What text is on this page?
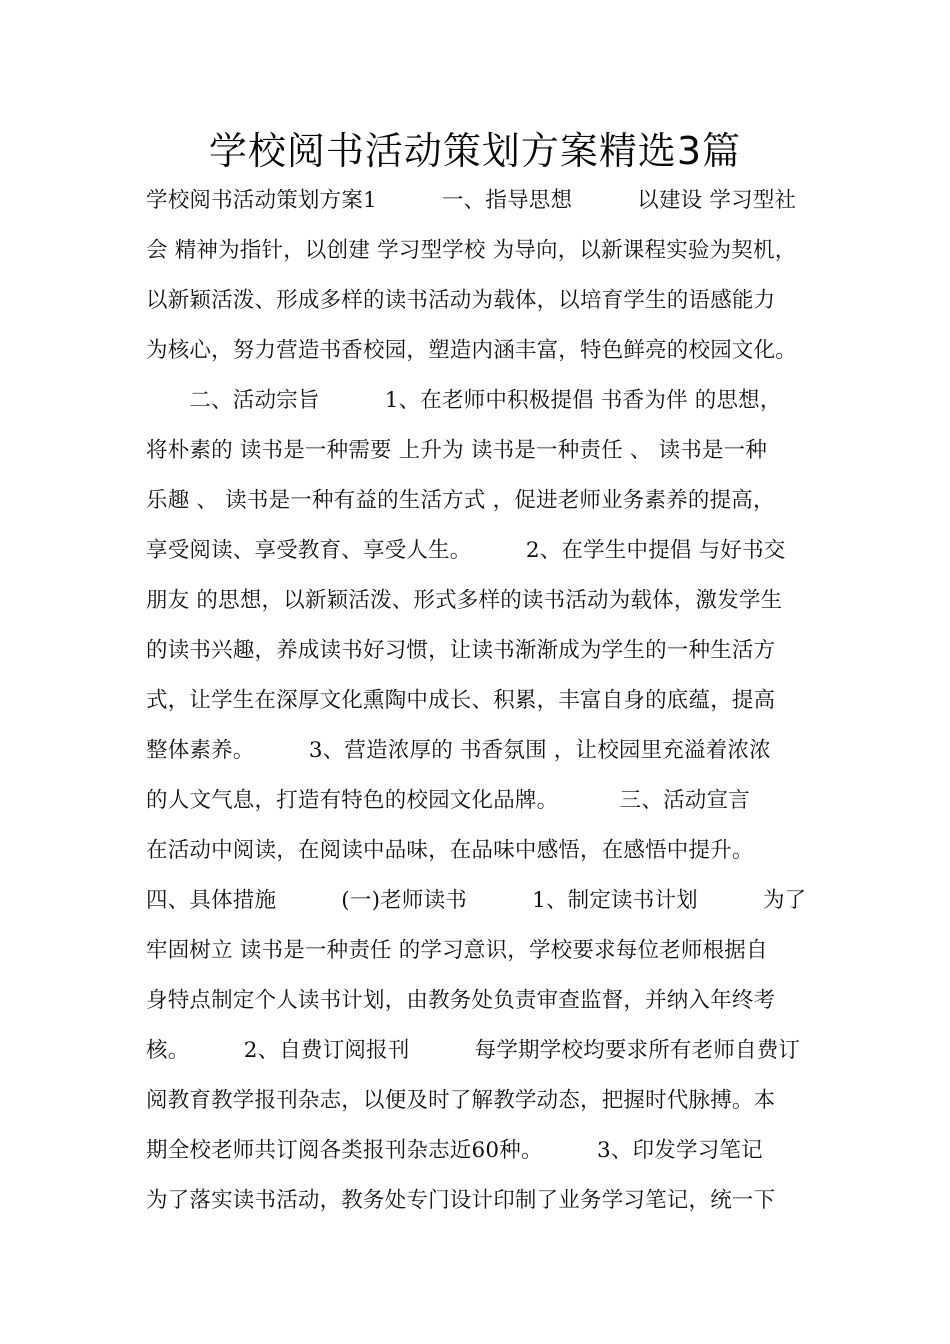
学校阅书活动策划方案精选3篇
学校阅书活动策划方案1　　　一、指导思想　　　以建设 学习型社
会 精神为指针，以创建 学习型学校 为导向，以新课程实验为契机，
以新颖活泼、形成多样的读书活动为载体，以培育学生的语感能力
为核心，努力营造书香校园，塑造内涵丰富，特色鲜亮的校园文化。
　　二、活动宗旨　　　1、在老师中积极提倡 书香为伴 的思想，
将朴素的 读书是一种需要 上升为 读书是一种责任 、 读书是一种
乐趣 、 读书是一种有益的生活方式 ，促进老师业务素养的提高，
享受阅读、享受教育、享受人生。　　　2、在学生中提倡 与好书交
朋友 的思想，以新颖活泼、形式多样的读书活动为载体，激发学生
的读书兴趣，养成读书好习惯，让读书渐渐成为学生的一种生活方
式，让学生在深厚文化熏陶中成长、积累，丰富自身的底蕴，提高
整体素养。　　　3、营造浓厚的 书香氛围 ，让校园里充溢着浓浓
的人文气息，打造有特色的校园文化品牌。　　　 三、活动宣言
在活动中阅读，在阅读中品味，在品味中感悟，在感悟中提升。
四、具体措施　　　(一)老师读书　　　1、制定读书计划　　　为了
牢固树立 读书是一种责任 的学习意识，学校要求每位老师根据自
身特点制定个人读书计划，由教务处负责审查监督，并纳入年终考
核。　　　2、自费订阅报刊　　　每学期学校均要求所有老师自费订
阅教育教学报刊杂志，以便及时了解教学动态，把握时代脉搏。本
期全校老师共订阅各类报刊杂志近60种。　　　3、印发学习笔记
为了落实读书活动，教务处专门设计印制了业务学习笔记，统一下
